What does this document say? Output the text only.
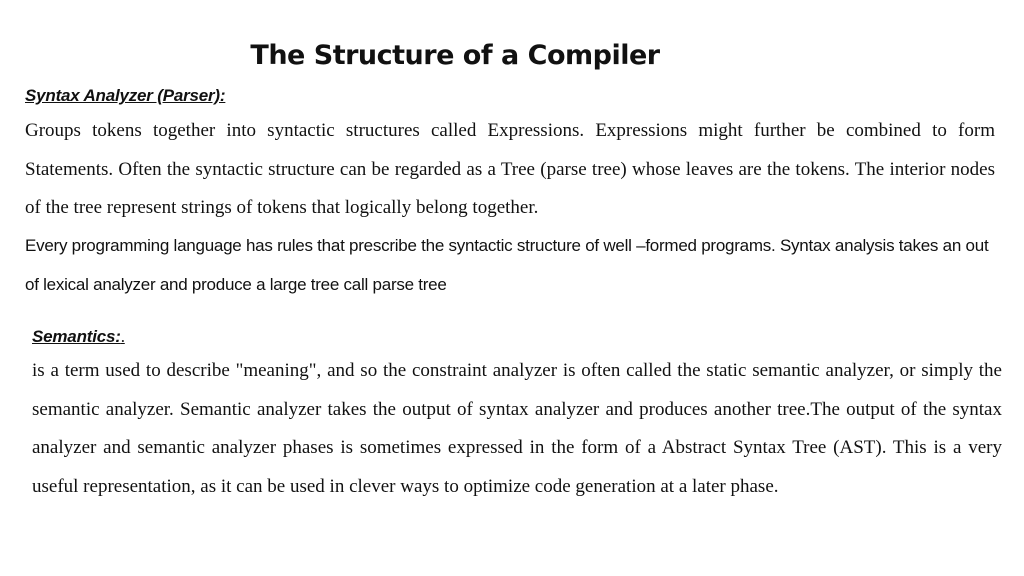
The Structure of a Compiler
Syntax Analyzer (Parser):

Groups tokens together into syntactic structures called Expressions. Expressions might further be combined to form Statements. Often the syntactic structure can be regarded as a Tree (parse tree) whose leaves are the tokens. The interior nodes of the tree represent strings of tokens that logically belong together.

Every programming language has rules that prescribe the syntactic structure of well –formed programs. Syntax analysis takes an out of lexical analyzer and produce a large tree call parse tree

Semantics:.

is a term used to describe "meaning", and so the constraint analyzer is often called the static semantic analyzer, or simply the semantic analyzer. Semantic analyzer takes the output of syntax analyzer and produces another tree.The output of the syntax analyzer and semantic analyzer phases is sometimes expressed in the form of a Abstract Syntax Tree (AST). This is a very useful representation, as it can be used in clever ways to optimize code generation at a later phase.
